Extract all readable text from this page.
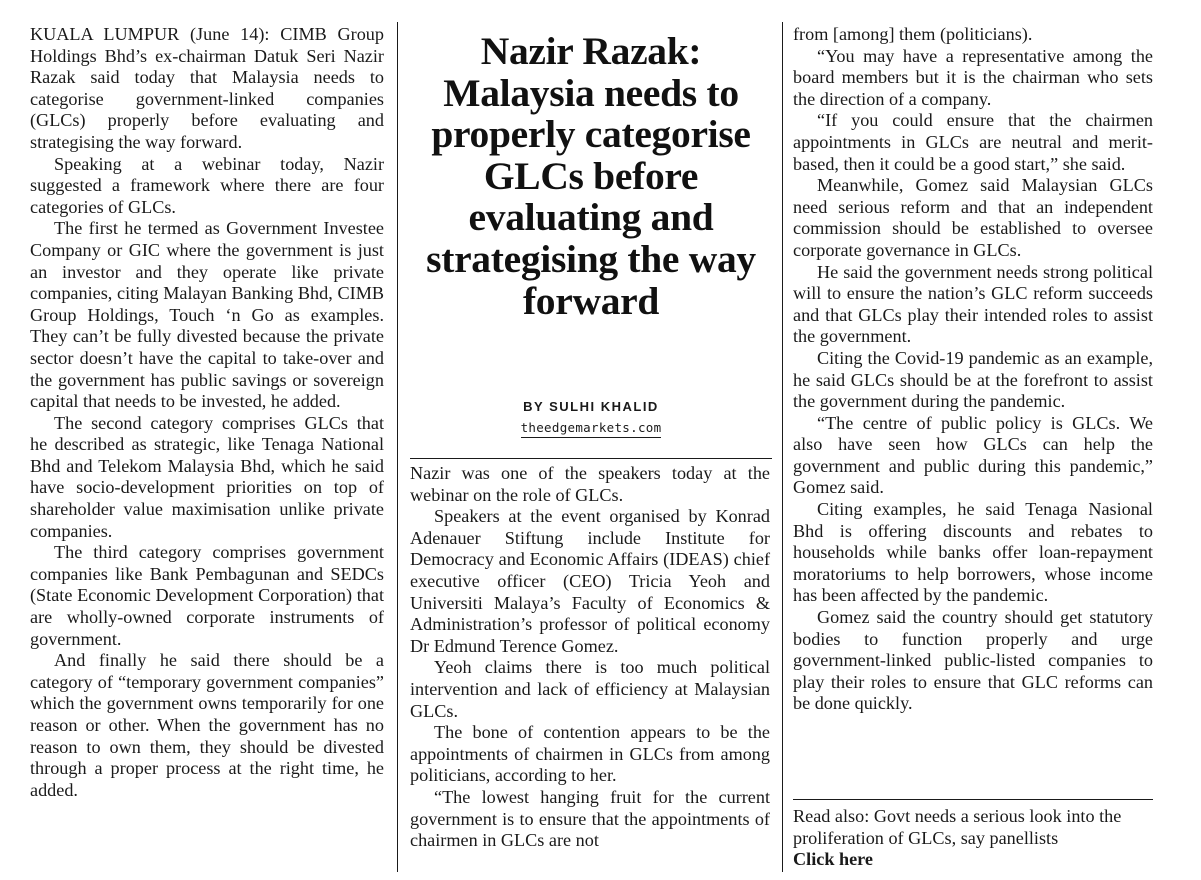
KUALA LUMPUR (June 14): CIMB Group Holdings Bhd’s ex-chairman Datuk Seri Nazir Razak said today that Malaysia needs to categorise government-linked companies (GLCs) properly before evaluating and strategising the way forward.

Speaking at a webinar today, Nazir suggested a framework where there are four categories of GLCs.

The first he termed as Government Investee Company or GIC where the government is just an investor and they operate like private companies, citing Malayan Banking Bhd, CIMB Group Holdings, Touch ‘n Go as examples. They can’t be fully divested because the private sector doesn’t have the capital to take-over and the government has public savings or sovereign capital that needs to be invested, he added.

The second category comprises GLCs that he described as strategic, like Tenaga National Bhd and Telekom Malaysia Bhd, which he said have socio-development priorities on top of shareholder value maximisation unlike private companies.

The third category comprises government companies like Bank Pembagunan and SEDCs (State Economic Development Corporation) that are wholly-owned corporate instruments of government.

And finally he said there should be a category of “temporary government companies” which the government owns temporarily for one reason or other. When the government has no reason to own them, they should be divested through a proper process at the right time, he added.

Nazir Razak: Malaysia needs to properly categorise GLCs before evaluating and strategising the way forward
BY SULHI KHALID
theedgemarkets.com

Nazir was one of the speakers today at the webinar on the role of GLCs.

Speakers at the event organised by Konrad Adenauer Stiftung include Institute for Democracy and Economic Affairs (IDEAS) chief executive officer (CEO) Tricia Yeoh and Universiti Malaya’s Faculty of Economics & Administration’s professor of political economy Dr Edmund Terence Gomez.

Yeoh claims there is too much political intervention and lack of efficiency at Malaysian GLCs.

The bone of contention appears to be the appointments of chairmen in GLCs from among politicians, according to her.

“The lowest hanging fruit for the current government is to ensure that the appointments of chairmen in GLCs are not

from [among] them (politicians).

“You may have a representative among the board members but it is the chairman who sets the direction of a company.

“If you could ensure that the chairmen appointments in GLCs are neutral and merit-based, then it could be a good start,” she said.

Meanwhile, Gomez said Malaysian GLCs need serious reform and that an independent commission should be established to oversee corporate governance in GLCs.

He said the government needs strong political will to ensure the nation’s GLC reform succeeds and that GLCs play their intended roles to assist the government.

Citing the Covid-19 pandemic as an example, he said GLCs should be at the forefront to assist the government during the pandemic.

“The centre of public policy is GLCs. We also have seen how GLCs can help the government and public during this pandemic,” Gomez said.

Citing examples, he said Tenaga Nasional Bhd is offering discounts and rebates to households while banks offer loan-repayment moratoriums to help borrowers, whose income has been affected by the pandemic.

Gomez said the country should get statutory bodies to function properly and urge government-linked public-listed companies to play their roles to ensure that GLC reforms can be done quickly.

Read also: Govt needs a serious look into the proliferation of GLCs, say panellists
Click here
